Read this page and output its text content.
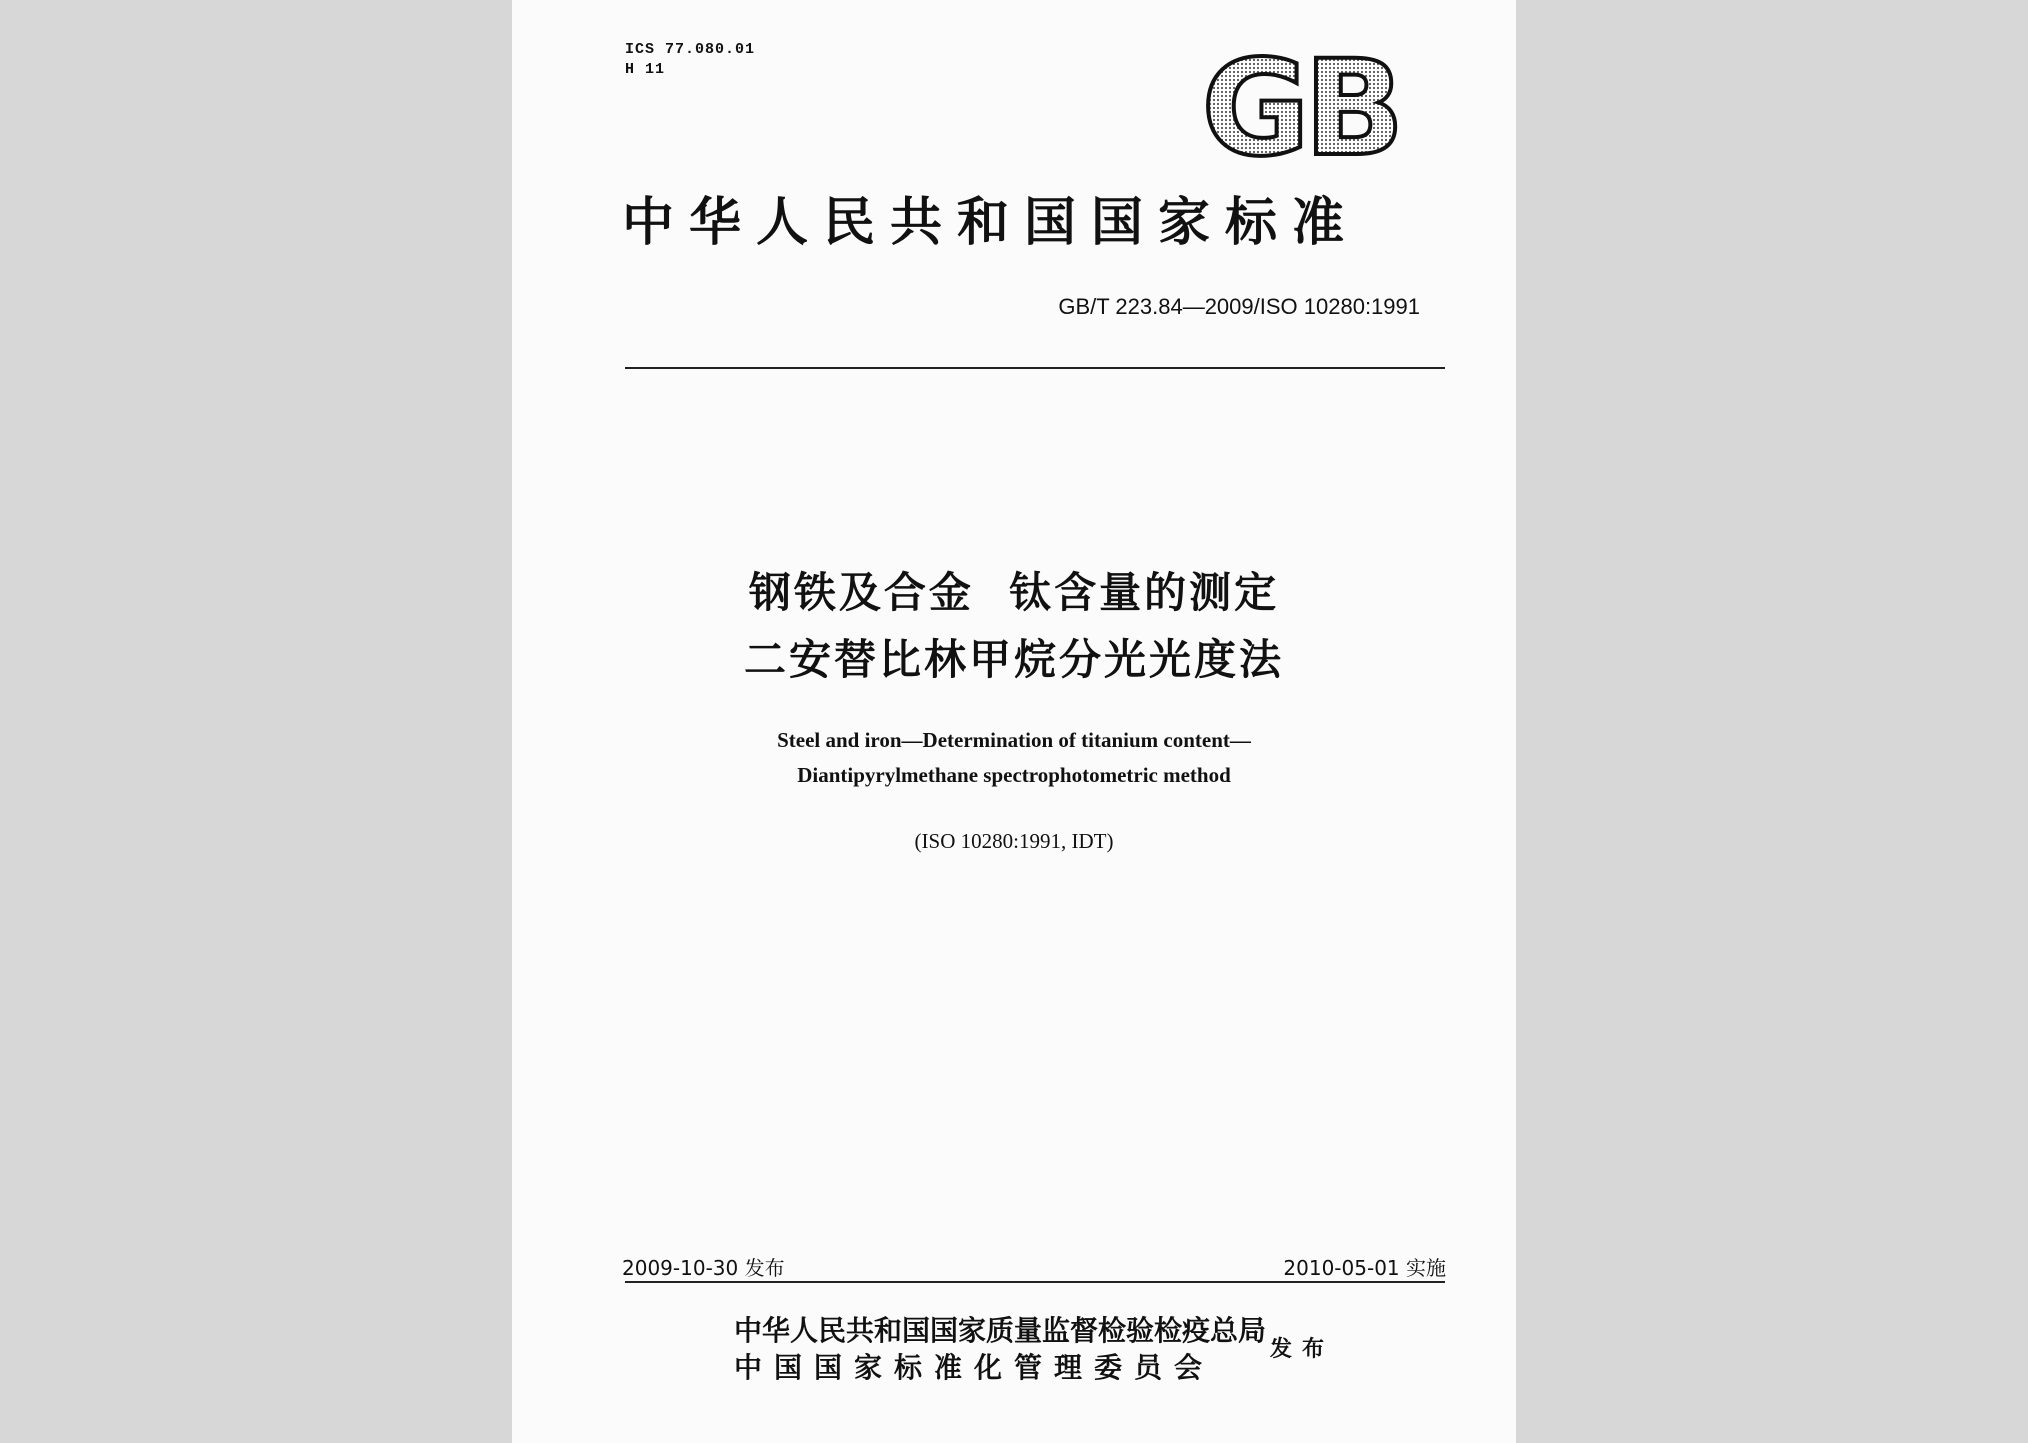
ICS 77.080.01
H 11	GB
中华人民共和国国家标准
GB/T 223.84—2009/ISO 10280:1991
钢铁及合金  钛含量的测定
二安替比林甲烷分光光度法
Steel and iron—Determination of titanium content—
Diantipyrylmethane spectrophotometric method
(ISO 10280:1991, IDT)
2009-10-30 发布	2010-05-01 实施
中华人民共和国国家质量监督检验检疫总局
中国国家标准化管理委员会
发布
